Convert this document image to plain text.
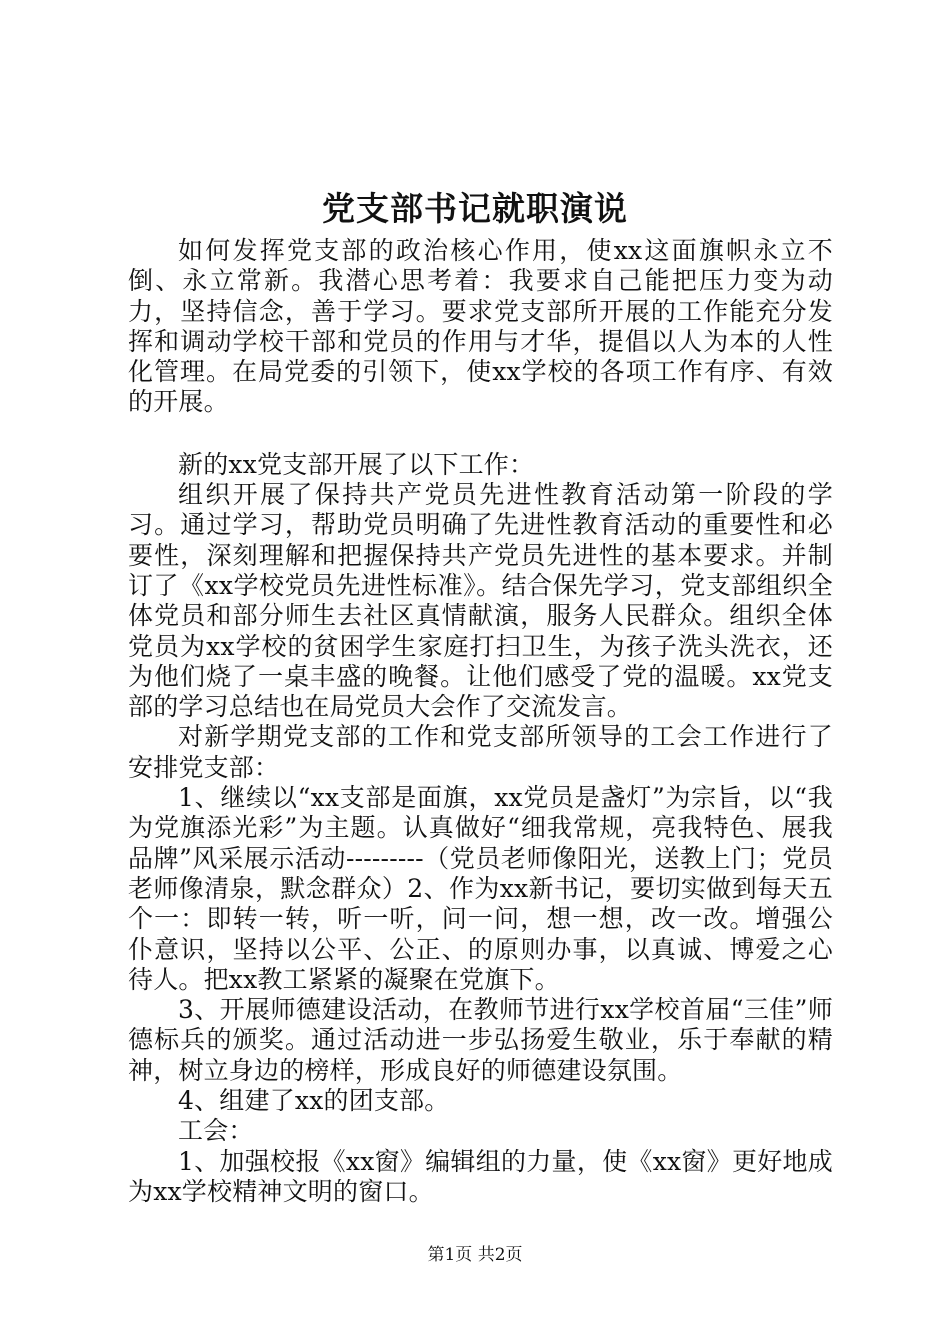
党支部书记就职演说

如何发挥党支部的政治核心作用，使xx这面旗帜永立不倒、永立常新。我潜心思考着：我要求自己能把压力变为动力，坚持信念，善于学习。要求党支部所开展的工作能充分发挥和调动学校干部和党员的作用与才华，提倡以人为本的人性化管理。在局党委的引领下，使xx学校的各项工作有序、有效的开展。

新的xx党支部开展了以下工作：

组织开展了保持共产党员先进性教育活动第一阶段的学习。通过学习，帮助党员明确了先进性教育活动的重要性和必要性，深刻理解和把握保持共产党员先进性的基本要求。并制订了《xx学校党员先进性标准》。结合保先学习，党支部组织全体党员和部分师生去社区真情献演，服务人民群众。组织全体党员为xx学校的贫困学生家庭打扫卫生，为孩子洗头洗衣，还为他们烧了一桌丰盛的晚餐。让他们感受了党的温暖。xx党支部的学习总结也在局党员大会作了交流发言。

对新学期党支部的工作和党支部所领导的工会工作进行了安排党支部：

1、继续以“xx支部是面旗，xx党员是盏灯”为宗旨，以“我为党旗添光彩”为主题。认真做好“细我常规，亮我特色、展我品牌”风采展示活动---------（党员老师像阳光，送教上门；党员老师像清泉，默念群众）2、作为xx新书记，要切实做到每天五个一：即转一转，听一听，问一问，想一想，改一改。增强公仆意识，坚持以公平、公正、的原则办事，以真诚、博爱之心待人。把xx教工紧紧的凝聚在党旗下。

3、开展师德建设活动，在教师节进行xx学校首届“三佳”师德标兵的颁奖。通过活动进一步弘扬爱生敬业，乐于奉献的精神，树立身边的榜样，形成良好的师德建设氛围。

4、组建了xx的团支部。

工会：

1、加强校报《xx窗》编辑组的力量，使《xx窗》更好地成为xx学校精神文明的窗口。

第1页 共2页
